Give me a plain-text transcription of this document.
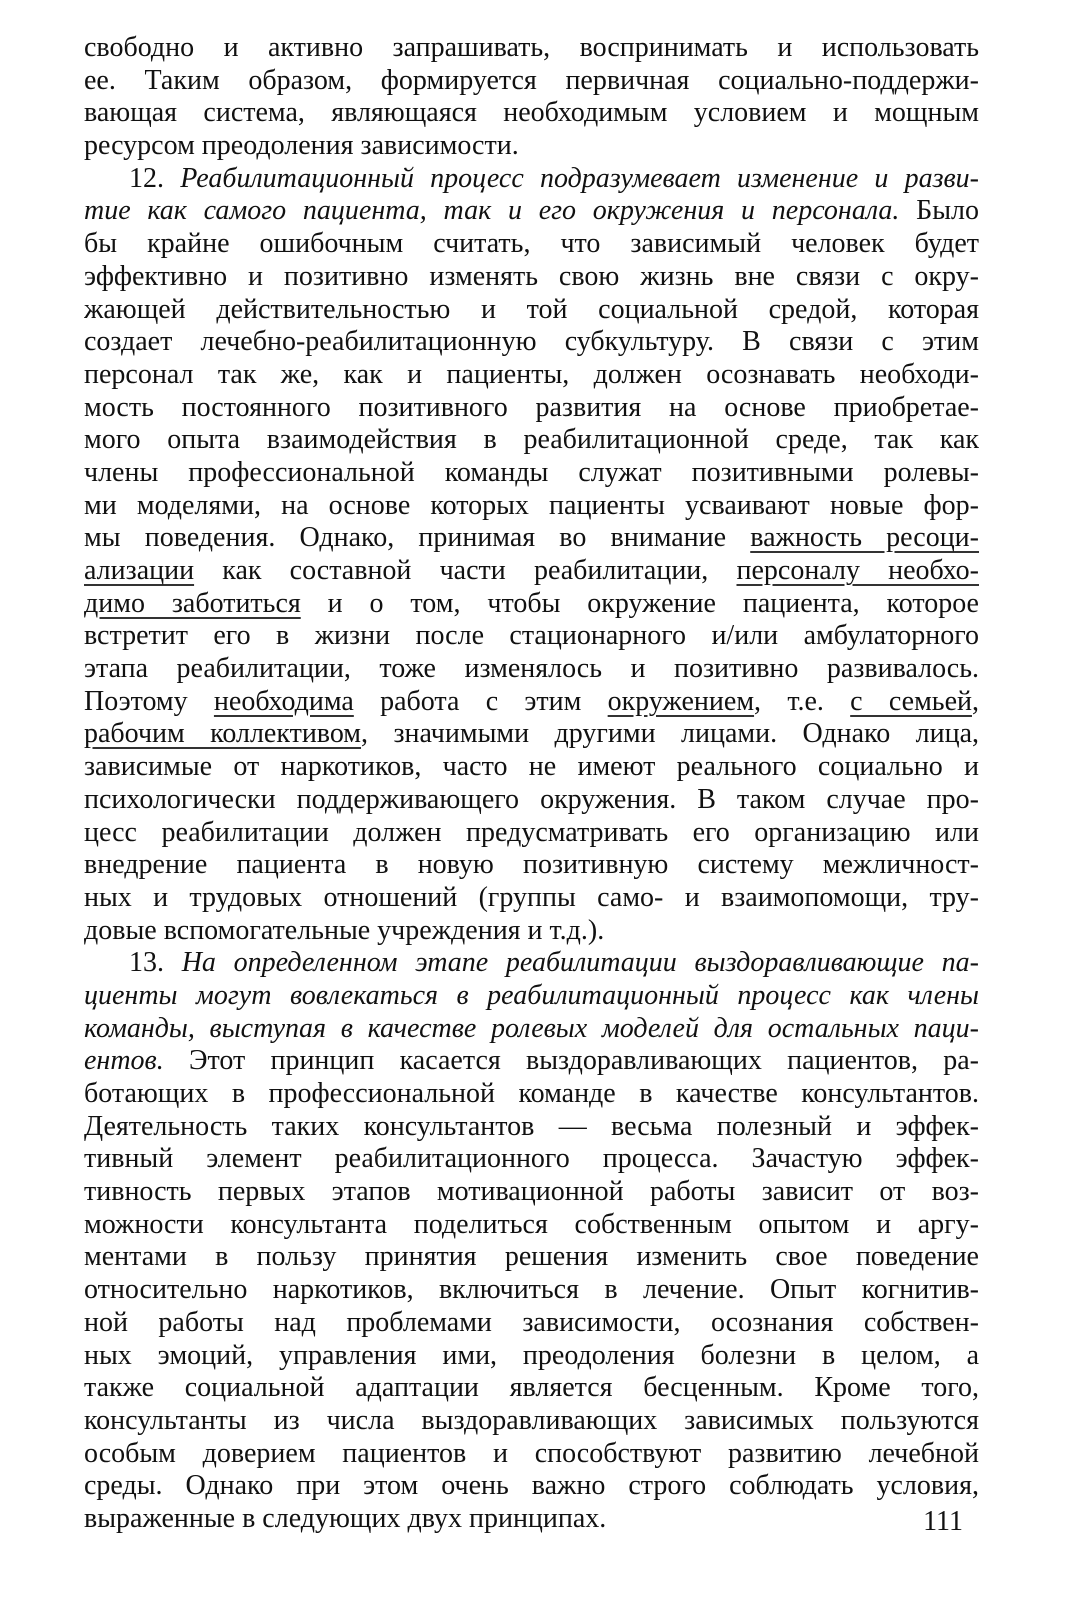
свободно и активно запрашивать, воспринимать и использовать
ее. Таким образом, формируется первичная социально-поддержи-
вающая система, являющаяся необходимым условием и мощным
ресурсом преодоления зависимости.
12. Реабилитационный процесс подразумевает изменение и разви-
тие как самого пациента, так и его окружения и персонала. Было
бы крайне ошибочным считать, что зависимый человек будет
эффективно и позитивно изменять свою жизнь вне связи с окру-
жающей действительностью и той социальной средой, которая
создает лечебно-реабилитационную субкультуру. В связи с этим
персонал так же, как и пациенты, должен осознавать необходи-
мость постоянного позитивного развития на основе приобретае-
мого опыта взаимодействия в реабилитационной среде, так как
члены профессиональной команды служат позитивными ролевы-
ми моделями, на основе которых пациенты усваивают новые фор-
мы поведения. Однако, принимая во внимание важность ресоци-
ализации как составной части реабилитации, персоналу необхо-
димо заботиться и о том, чтобы окружение пациента, которое
встретит его в жизни после стационарного и/или амбулаторного
этапа реабилитации, тоже изменялось и позитивно развивалось.
Поэтому необходима работа с этим окружением, т.е. с семьей,
рабочим коллективом, значимыми другими лицами. Однако лица,
зависимые от наркотиков, часто не имеют реального социально и
психологически поддерживающего окружения. В таком случае про-
цесс реабилитации должен предусматривать его организацию или
внедрение пациента в новую позитивную систему межличност-
ных и трудовых отношений (группы само- и взаимопомощи, тру-
довые вспомогательные учреждения и т.д.).
13. На определенном этапе реабилитации выздоравливающие па-
циенты могут вовлекаться в реабилитационный процесс как члены
команды, выступая в качестве ролевых моделей для остальных паци-
ентов. Этот принцип касается выздоравливающих пациентов, ра-
ботающих в профессиональной команде в качестве консультантов.
Деятельность таких консультантов — весьма полезный и эффек-
тивный элемент реабилитационного процесса. Зачастую эффек-
тивность первых этапов мотивационной работы зависит от воз-
можности консультанта поделиться собственным опытом и аргу-
ментами в пользу принятия решения изменить свое поведение
относительно наркотиков, включиться в лечение. Опыт когнитив-
ной работы над проблемами зависимости, осознания собствен-
ных эмоций, управления ими, преодоления болезни в целом, а
также социальной адаптации является бесценным. Кроме того,
консультанты из числа выздоравливающих зависимых пользуются
особым доверием пациентов и способствуют развитию лечебной
среды. Однако при этом очень важно строго соблюдать условия,
выраженные в следующих двух принципах.	111
